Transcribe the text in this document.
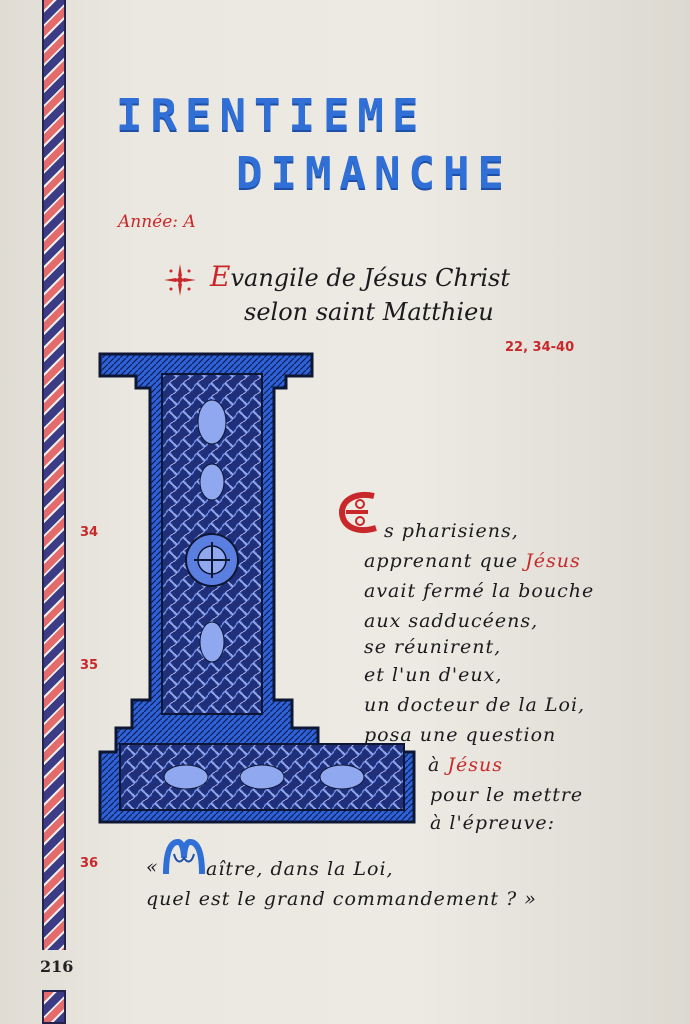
216
IRENTIEME
DIMANCHE
Année: A
Evangile de Jésus Christ
selon saint Matthieu
22, 34-40
34
35
36
s pharisiens,
apprenant que Jésus
avait fermé la bouche
aux sadducéens,
se réunirent,
et l'un d'eux,
un docteur de la Loi,
posa une question
à Jésus
pour le mettre
à l'épreuve:
« aître, dans la Loi,
quel est le grand commandement ? »
